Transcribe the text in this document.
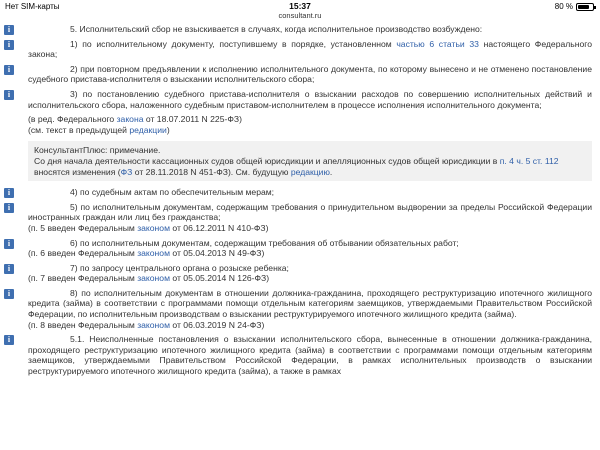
Нет SIM-карты	15:37
consultant.ru
80 %
i	5. Исполнительский сбор не взыскивается в случаях, когда исполнительное производство возбуждено:

i	1) по исполнительному документу, поступившему в порядке, установленном частью 6 статьи 33 настоящего Федерального закона;

i	2) при повторном предъявлении к исполнению исполнительного документа, по которому вынесено и не отменено постановление судебного пристава-исполнителя о взыскании исполнительского сбора;

i	3) по постановлению судебного пристава-исполнителя о взыскании расходов по совершению исполнительных действий и исполнительского сбора, наложенного судебным приставом-исполнителем в процессе исполнения исполнительного документа;

(в ред. Федерального закона от 18.07.2011 N 225-ФЗ)

(см. текст в предыдущей редакции)

КонсультантПлюс: примечание.
Со дня начала деятельности кассационных судов общей юрисдикции и апелляционных судов общей юрисдикции в п. 4 ч. 5 ст. 112 вносятся изменения (ФЗ от 28.11.2018 N 451-ФЗ). См. будущую редакцию.
i	4) по судебным актам по обеспечительным мерам;

i	5) по исполнительным документам, содержащим требования о принудительном выдворении за пределы Российской Федерации иностранных граждан или лиц без гражданства;

(п. 5 введен Федеральным законом от 06.12.2011 N 410-ФЗ)

i	6) по исполнительным документам, содержащим требования об отбывании обязательных работ;

(п. 6 введен Федеральным законом от 05.04.2013 N 49-ФЗ)

i	7) по запросу центрального органа о розыске ребенка;

(п. 7 введен Федеральным законом от 05.05.2014 N 126-ФЗ)

i	8) по исполнительным документам в отношении должника-гражданина, проходящего реструктуризацию ипотечного жилищного кредита (займа) в соответствии с программами помощи отдельным категориям заемщиков, утверждаемыми Правительством Российской Федерации, по исполнительным производствам о взыскании реструктурируемого ипотечного жилищного кредита (займа).

(п. 8 введен Федеральным законом от 06.03.2019 N 24-ФЗ)

i	5.1. Неисполненные постановления о взыскании исполнительского сбора, вынесенные в отношении должника-гражданина, проходящего реструктуризацию ипотечного жилищного кредита (займа) в соответствии с программами помощи отдельным категориям заемщиков, утверждаемыми Правительством Российской Федерации, в рамках исполнительных производств о взыскании реструктурируемого ипотечного жилищного кредита (займа), а также в рамках
